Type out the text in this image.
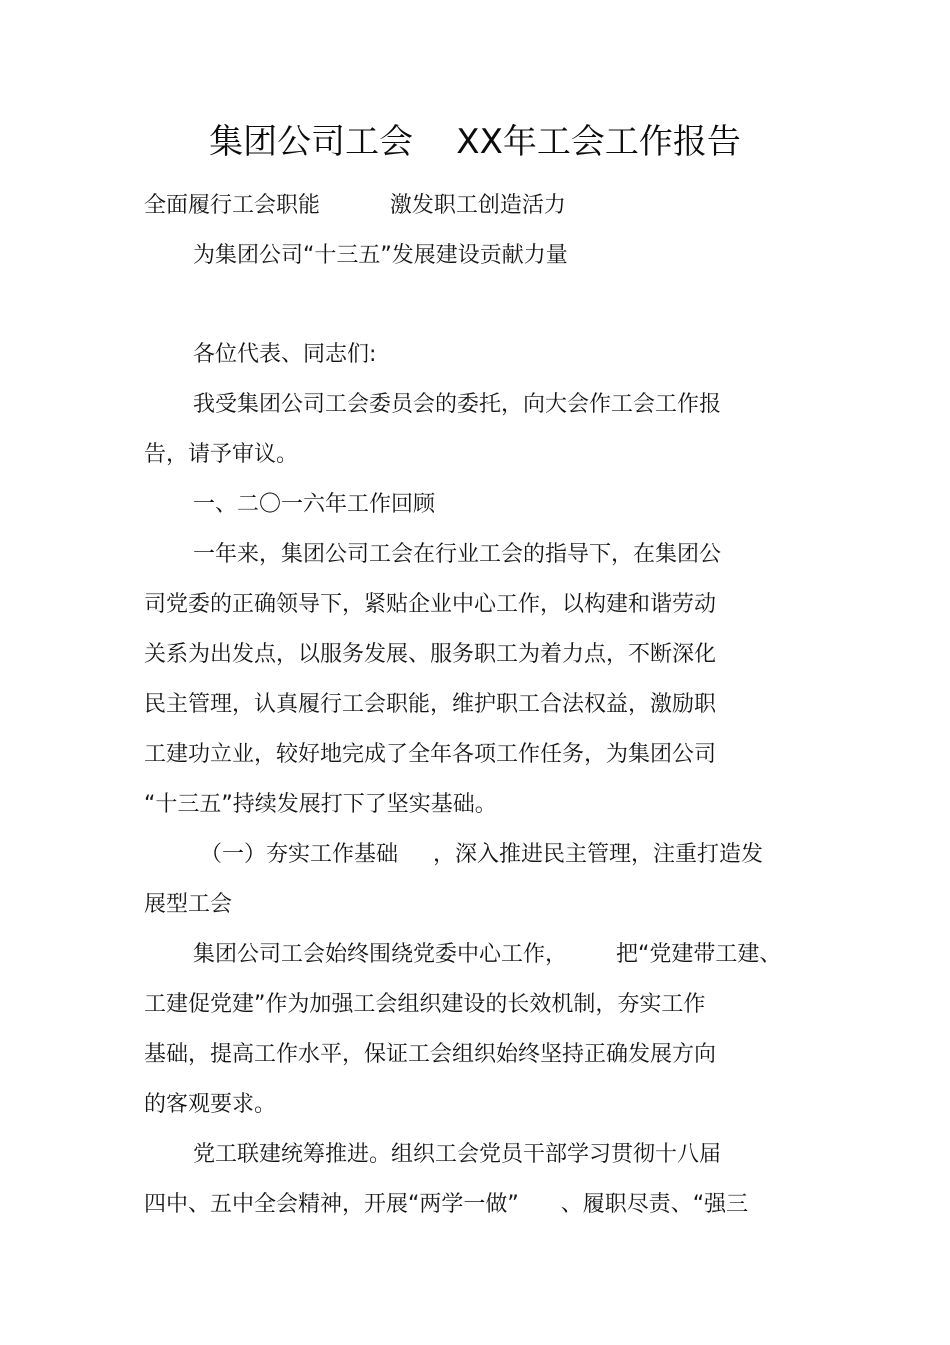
集团公司工会    XX年工会工作报告
全面履行工会职能          激发职工创造活力
为集团公司“十三五”发展建设贡献力量
各位代表、同志们:
我受集团公司工会委员会的委托，向大会作工会工作报
告，请予审议。
一、二〇一六年工作回顾
一年来，集团公司工会在行业工会的指导下，在集团公
司党委的正确领导下，紧贴企业中心工作，以构建和谐劳动
关系为出发点，以服务发展、服务职工为着力点，不断深化
民主管理，认真履行工会职能，维护职工合法权益，激励职
工建功立业，较好地完成了全年各项工作任务，为集团公司
“十三五”持续发展打下了坚实基础。
（一）夯实工作基础     ，深入推进民主管理，注重打造发
展型工会
集团公司工会始终围绕党委中心工作，       把“党建带工建、
工建促党建”作为加强工会组织建设的长效机制，夯实工作
基础，提高工作水平，保证工会组织始终坚持正确发展方向
的客观要求。
党工联建统筹推进。组织工会党员干部学习贯彻十八届
四中、五中全会精神，开展“两学一做”      、履职尽责、“强三
